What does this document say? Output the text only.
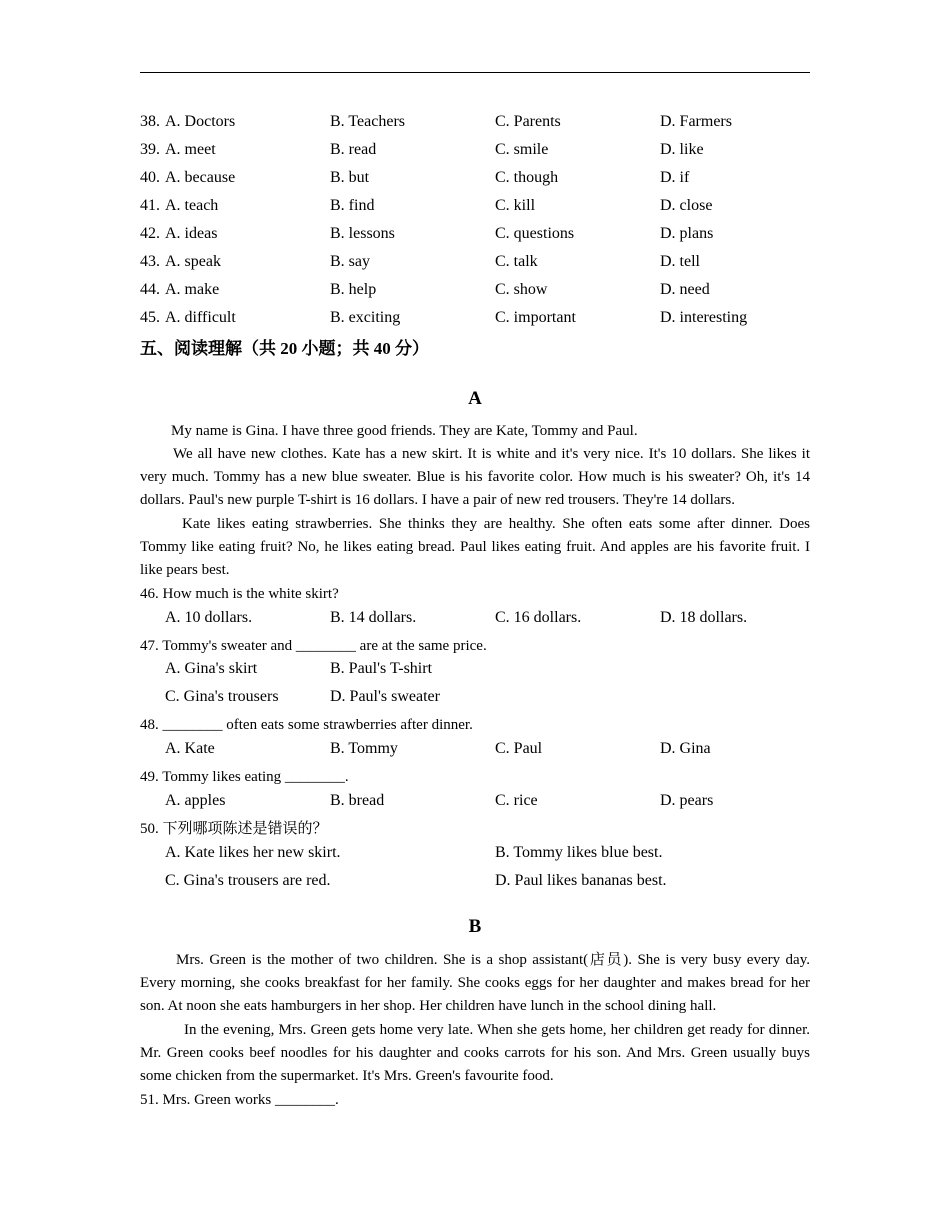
38. A. Doctors	B. Teachers	C. Parents	D. Farmers
39. A. meet	B. read	C. smile	D. like
40. A. because	B. but	C. though	D. if
41. A. teach	B. find	C. kill	D. close
42. A. ideas	B. lessons	C. questions	D. plans
43. A. speak	B. say	C. talk	D. tell
44. A. make	B. help	C. show	D. need
45. A. difficult	B. exciting	C. important	D. interesting
五、阅读理解（共 20 小题；共 40 分）
A
My name is Gina. I have three good friends. They are Kate, Tommy and Paul.
We all have new clothes. Kate has a new skirt. It is white and it's very nice. It's 10 dollars. She likes it very much. Tommy has a new blue sweater. Blue is his favorite color. How much is his sweater? Oh, it's 14 dollars. Paul's new purple T-shirt is 16 dollars. I have a pair of new red trousers. They're 14 dollars.
Kate likes eating strawberries. She thinks they are healthy. She often eats some after dinner. Does Tommy like eating fruit? No, he likes eating bread. Paul likes eating fruit. And apples are his favorite fruit. I like pears best.
46. How much is the white skirt?
A. 10 dollars.	B. 14 dollars.	C. 16 dollars.	D. 18 dollars.
47. Tommy's sweater and ________ are at the same price.
A. Gina's skirt	B. Paul's T-shirt
C. Gina's trousers	D. Paul's sweater
48. ________ often eats some strawberries after dinner.
A. Kate	B. Tommy	C. Paul	D. Gina
49. Tommy likes eating ________.
A. apples	B. bread	C. rice	D. pears
50. 下列哪项陈述是错误的？
A. Kate likes her new skirt.	B. Tommy likes blue best.
C. Gina's trousers are red.	D. Paul likes bananas best.
B
Mrs. Green is the mother of two children. She is a shop assistant(店员). She is very busy every day. Every morning, she cooks breakfast for her family. She cooks eggs for her daughter and makes bread for her son. At noon she eats hamburgers in her shop. Her children have lunch in the school dining hall.
In the evening, Mrs. Green gets home very late. When she gets home, her children get ready for dinner. Mr. Green cooks beef noodles for his daughter and cooks carrots for his son. And Mrs. Green usually buys some chicken from the supermarket. It's Mrs. Green's favourite food.
51. Mrs. Green works ________.
